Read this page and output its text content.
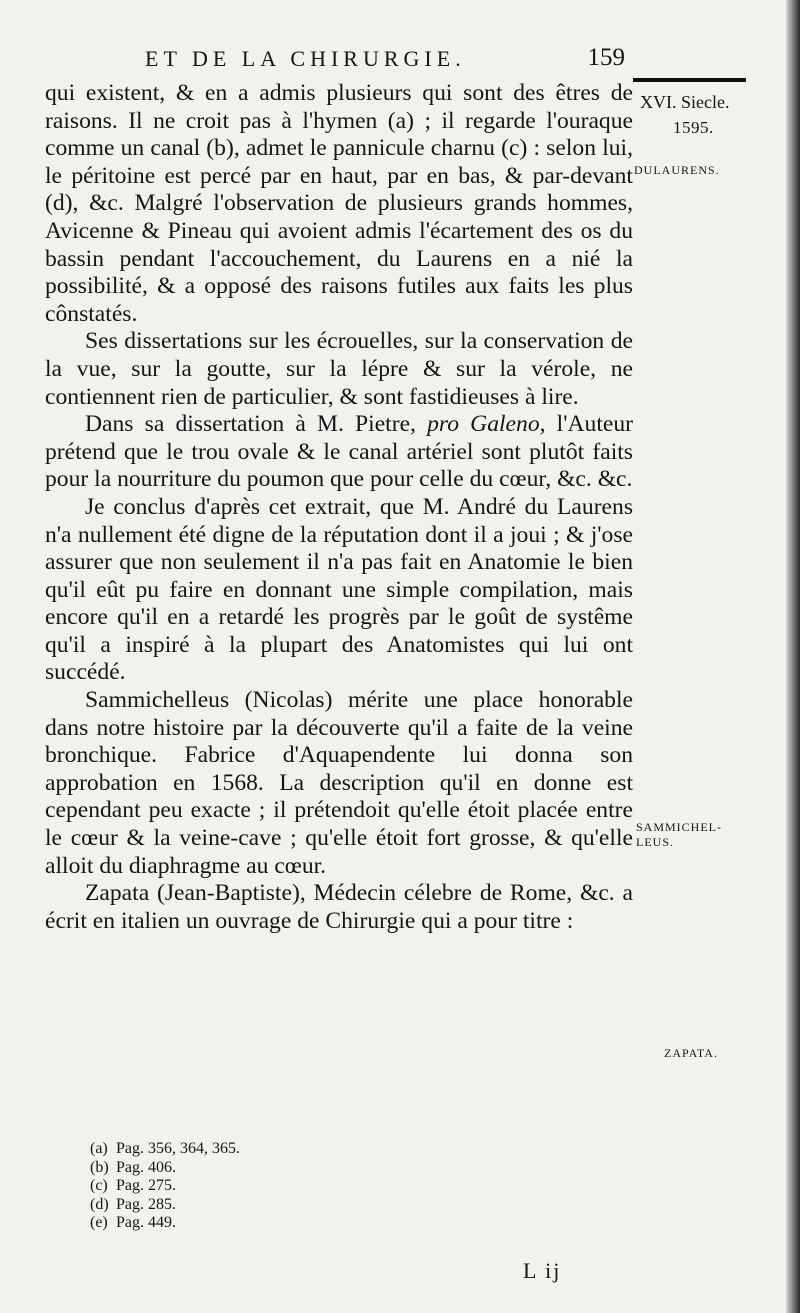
ET DE LA CHIRURGIE.	159
XVI. Siecle.
1595.
DULAURENS.
SAMMICHEL-
LEUS.
ZAPATA.

qui existent, & en a admis plusieurs qui sont des êtres de raisons. Il ne croit pas à l'hymen (a) ; il regarde l'ouraque comme un canal (b), admet le pannicule charnu (c) : selon lui, le péritoine est percé par en haut, par en bas, & par-devant (d), &c. Malgré l'observation de plusieurs grands hommes, Avicenne & Pineau qui avoient admis l'écartement des os du bassin pendant l'accouchement, du Laurens en a nié la possibilité, & a opposé des raisons futiles aux faits les plus cônstatés.

Ses dissertations sur les écrouelles, sur la conservation de la vue, sur la goutte, sur la lépre & sur la vérole, ne contiennent rien de particulier, & sont fastidieuses à lire.

Dans sa dissertation à M. Pietre, pro Galeno, l'Auteur prétend que le trou ovale & le canal artériel sont plutôt faits pour la nourriture du poumon que pour celle du cœur, &c. &c.

Je conclus d'après cet extrait, que M. André du Laurens n'a nullement été digne de la réputation dont il a joui ; & j'ose assurer que non seulement il n'a pas fait en Anatomie le bien qu'il eût pu faire en donnant une simple compilation, mais encore qu'il en a retardé les progrès par le goût de systême qu'il a inspiré à la plupart des Anatomistes qui lui ont succédé.

Sammichelleus (Nicolas) mérite une place honorable dans notre histoire par la découverte qu'il a faite de la veine bronchique. Fabrice d'Aquapendente lui donna son approbation en 1568. La description qu'il en donne est cependant peu exacte ; il prétendoit qu'elle étoit placée entre le cœur & la veine-cave ; qu'elle étoit fort grosse, & qu'elle alloit du diaphragme au cœur.

Zapata (Jean-Baptiste), Médecin célebre de Rome, &c. a écrit en italien un ouvrage de Chirurgie qui a pour titre :

(a) Pag. 356, 364, 365.
(b) Pag. 406.
(c) Pag. 275.
(d) Pag. 285.
(e) Pag. 449.
L ij
